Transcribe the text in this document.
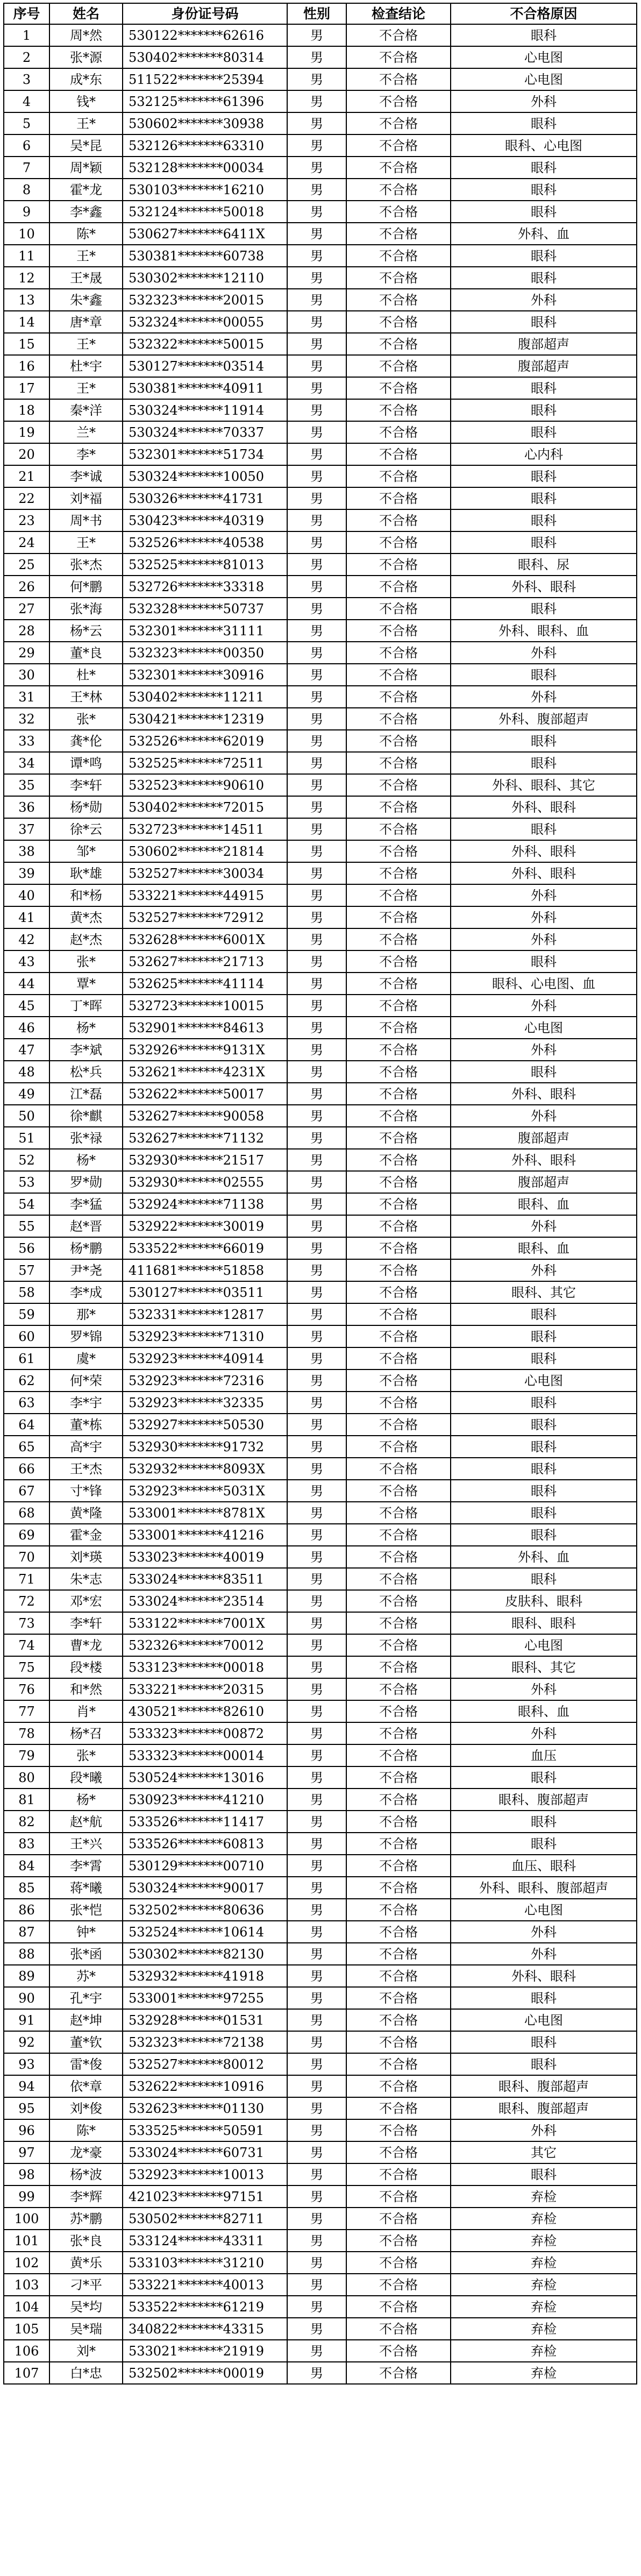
序号	姓名	身份证号码	性别	检查结论	不合格原因
1	周*然	530122*******62616	男	不合格	眼科
2	张*源	530402*******80314	男	不合格	心电图
3	成*东	511522*******25394	男	不合格	心电图
4	钱*	532125*******61396	男	不合格	外科
5	王*	530602*******30938	男	不合格	眼科
6	吴*昆	532126*******63310	男	不合格	眼科、心电图
7	周*颖	532128*******00034	男	不合格	眼科
8	霍*龙	530103*******16210	男	不合格	眼科
9	李*鑫	532124*******50018	男	不合格	眼科
10	陈*	530627*******6411X	男	不合格	外科、血
11	王*	530381*******60738	男	不合格	眼科
12	王*晟	530302*******12110	男	不合格	眼科
13	朱*鑫	532323*******20015	男	不合格	外科
14	唐*章	532324*******00055	男	不合格	眼科
15	王*	532322*******50015	男	不合格	腹部超声
16	杜*宇	530127*******03514	男	不合格	腹部超声
17	王*	530381*******40911	男	不合格	眼科
18	秦*洋	530324*******11914	男	不合格	眼科
19	兰*	530324*******70337	男	不合格	眼科
20	李*	532301*******51734	男	不合格	心内科
21	李*诚	530324*******10050	男	不合格	眼科
22	刘*福	530326*******41731	男	不合格	眼科
23	周*书	530423*******40319	男	不合格	眼科
24	王*	532526*******40538	男	不合格	眼科
25	张*杰	532525*******81013	男	不合格	眼科、尿
26	何*鹏	532726*******33318	男	不合格	外科、眼科
27	张*海	532328*******50737	男	不合格	眼科
28	杨*云	532301*******31111	男	不合格	外科、眼科、血
29	董*良	532323*******00350	男	不合格	外科
30	杜*	532301*******30916	男	不合格	眼科
31	王*林	530402*******11211	男	不合格	外科
32	张*	530421*******12319	男	不合格	外科、腹部超声
33	龚*伦	532526*******62019	男	不合格	眼科
34	谭*鸣	532525*******72511	男	不合格	眼科
35	李*轩	532523*******90610	男	不合格	外科、眼科、其它
36	杨*勋	530402*******72015	男	不合格	外科、眼科
37	徐*云	532723*******14511	男	不合格	眼科
38	邹*	530602*******21814	男	不合格	外科、眼科
39	耿*雄	532527*******30034	男	不合格	外科、眼科
40	和*杨	533221*******44915	男	不合格	外科
41	黄*杰	532527*******72912	男	不合格	外科
42	赵*杰	532628*******6001X	男	不合格	外科
43	张*	532627*******21713	男	不合格	眼科
44	覃*	532625*******41114	男	不合格	眼科、心电图、血
45	丁*晖	532723*******10015	男	不合格	外科
46	杨*	532901*******84613	男	不合格	心电图
47	李*斌	532926*******9131X	男	不合格	外科
48	松*兵	532621*******4231X	男	不合格	眼科
49	江*磊	532622*******50017	男	不合格	外科、眼科
50	徐*麒	532627*******90058	男	不合格	外科
51	张*禄	532627*******71132	男	不合格	腹部超声
52	杨*	532930*******21517	男	不合格	外科、眼科
53	罗*勋	532930*******02555	男	不合格	腹部超声
54	李*猛	532924*******71138	男	不合格	眼科、血
55	赵*晋	532922*******30019	男	不合格	外科
56	杨*鹏	533522*******66019	男	不合格	眼科、血
57	尹*尧	411681*******51858	男	不合格	外科
58	李*成	530127*******03511	男	不合格	眼科、其它
59	那*	532331*******12817	男	不合格	眼科
60	罗*锦	532923*******71310	男	不合格	眼科
61	虞*	532923*******40914	男	不合格	眼科
62	何*荣	532923*******72316	男	不合格	心电图
63	李*宇	532923*******32335	男	不合格	眼科
64	董*栋	532927*******50530	男	不合格	眼科
65	高*宇	532930*******91732	男	不合格	眼科
66	王*杰	532932*******8093X	男	不合格	眼科
67	寸*锋	532923*******5031X	男	不合格	眼科
68	黄*隆	533001*******8781X	男	不合格	眼科
69	霍*金	533001*******41216	男	不合格	眼科
70	刘*瑛	533023*******40019	男	不合格	外科、血
71	朱*志	533024*******83511	男	不合格	眼科
72	邓*宏	533024*******23514	男	不合格	皮肤科、眼科
73	李*轩	533122*******7001X	男	不合格	眼科、眼科
74	曹*龙	532326*******70012	男	不合格	心电图
75	段*楼	533123*******00018	男	不合格	眼科、其它
76	和*然	533221*******20315	男	不合格	外科
77	肖*	430521*******82610	男	不合格	眼科、血
78	杨*召	533323*******00872	男	不合格	外科
79	张*	533323*******00014	男	不合格	血压
80	段*曦	530524*******13016	男	不合格	眼科
81	杨*	530923*******41210	男	不合格	眼科、腹部超声
82	赵*航	533526*******11417	男	不合格	眼科
83	王*兴	533526*******60813	男	不合格	眼科
84	李*霄	530129*******00710	男	不合格	血压、眼科
85	蒋*曦	530324*******90017	男	不合格	外科、眼科、腹部超声
86	张*恺	532502*******80636	男	不合格	心电图
87	钟*	532524*******10614	男	不合格	外科
88	张*函	530302*******82130	男	不合格	外科
89	苏*	532932*******41918	男	不合格	外科、眼科
90	孔*宇	533001*******97255	男	不合格	眼科
91	赵*坤	532928*******01531	男	不合格	心电图
92	董*钦	532323*******72138	男	不合格	眼科
93	雷*俊	532527*******80012	男	不合格	眼科
94	依*章	532622*******10916	男	不合格	眼科、腹部超声
95	刘*俊	532623*******01130	男	不合格	眼科、腹部超声
96	陈*	533525*******50591	男	不合格	外科
97	龙*豪	533024*******60731	男	不合格	其它
98	杨*波	532923*******10013	男	不合格	眼科
99	李*辉	421023*******97151	男	不合格	弃检
100	苏*鹏	530502*******82711	男	不合格	弃检
101	张*良	533124*******43311	男	不合格	弃检
102	黄*乐	533103*******31210	男	不合格	弃检
103	刁*平	533221*******40013	男	不合格	弃检
104	吴*均	533522*******61219	男	不合格	弃检
105	吴*瑞	340822*******43315	男	不合格	弃检
106	刘*	533021*******21919	男	不合格	弃检
107	白*忠	532502*******00019	男	不合格	弃检
